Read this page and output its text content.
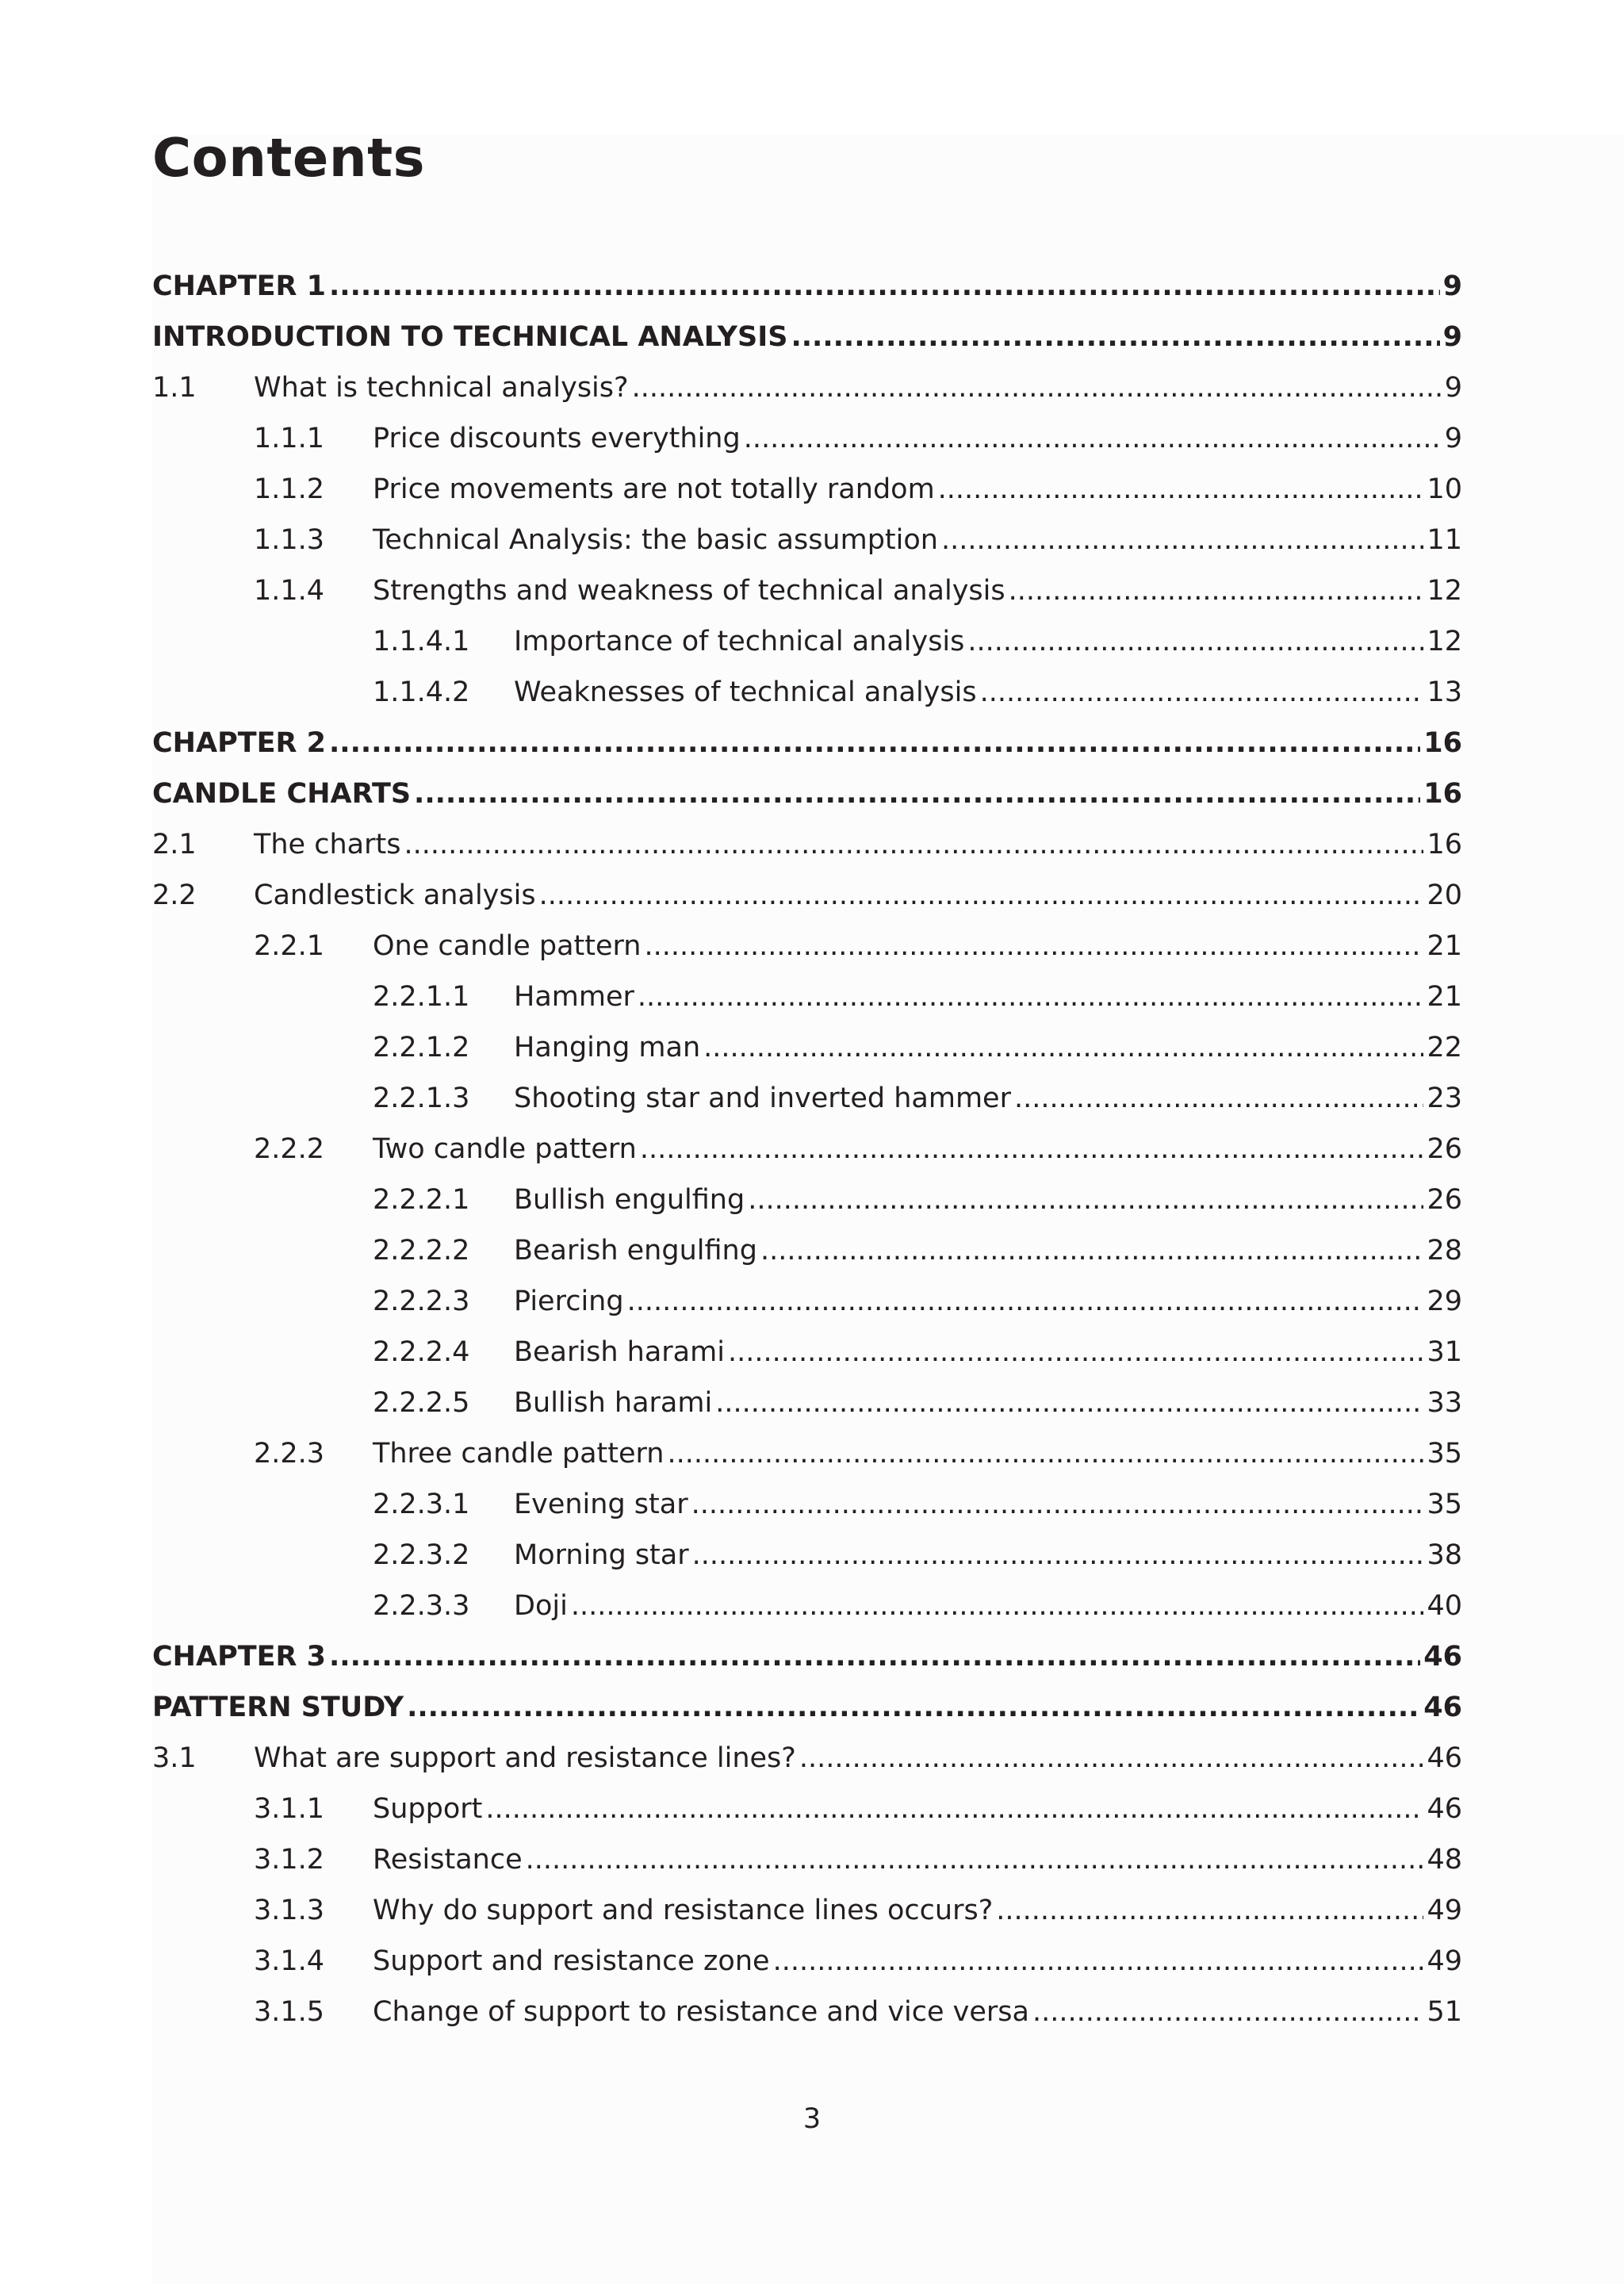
Contents
CHAPTER 1 .....	9
INTRODUCTION TO TECHNICAL ANALYSIS .....	9
1.1	What is technical analysis? .....	9
1.1.1	Price discounts everything .....	9
1.1.2	Price movements are not totally random .....	10
1.1.3	Technical Analysis: the basic assumption .....	11
1.1.4	Strengths and weakness of technical analysis .....	12
1.1.4.1	Importance of technical analysis .....	12
1.1.4.2	Weaknesses of technical analysis .....	13
CHAPTER 2 .....	16
CANDLE CHARTS .....	16
2.1	The charts .....	16
2.2	Candlestick analysis .....	20
2.2.1	One candle pattern .....	21
2.2.1.1	Hammer .....	21
2.2.1.2	Hanging man .....	22
2.2.1.3	Shooting star and inverted hammer .....	23
2.2.2	Two candle pattern .....	26
2.2.2.1	Bullish engulfing .....	26
2.2.2.2	Bearish engulfing .....	28
2.2.2.3	Piercing .....	29
2.2.2.4	Bearish harami .....	31
2.2.2.5	Bullish harami .....	33
2.2.3	Three candle pattern .....	35
2.2.3.1	Evening star .....	35
2.2.3.2	Morning star .....	38
2.2.3.3	Doji .....	40
CHAPTER 3 .....	46
PATTERN STUDY .....	46
3.1	What are support and resistance lines? .....	46
3.1.1	Support .....	46
3.1.2	Resistance .....	48
3.1.3	Why do support and resistance lines occurs? .....	49
3.1.4	Support and resistance zone .....	49
3.1.5	Change of support to resistance and vice versa .....	51
3
